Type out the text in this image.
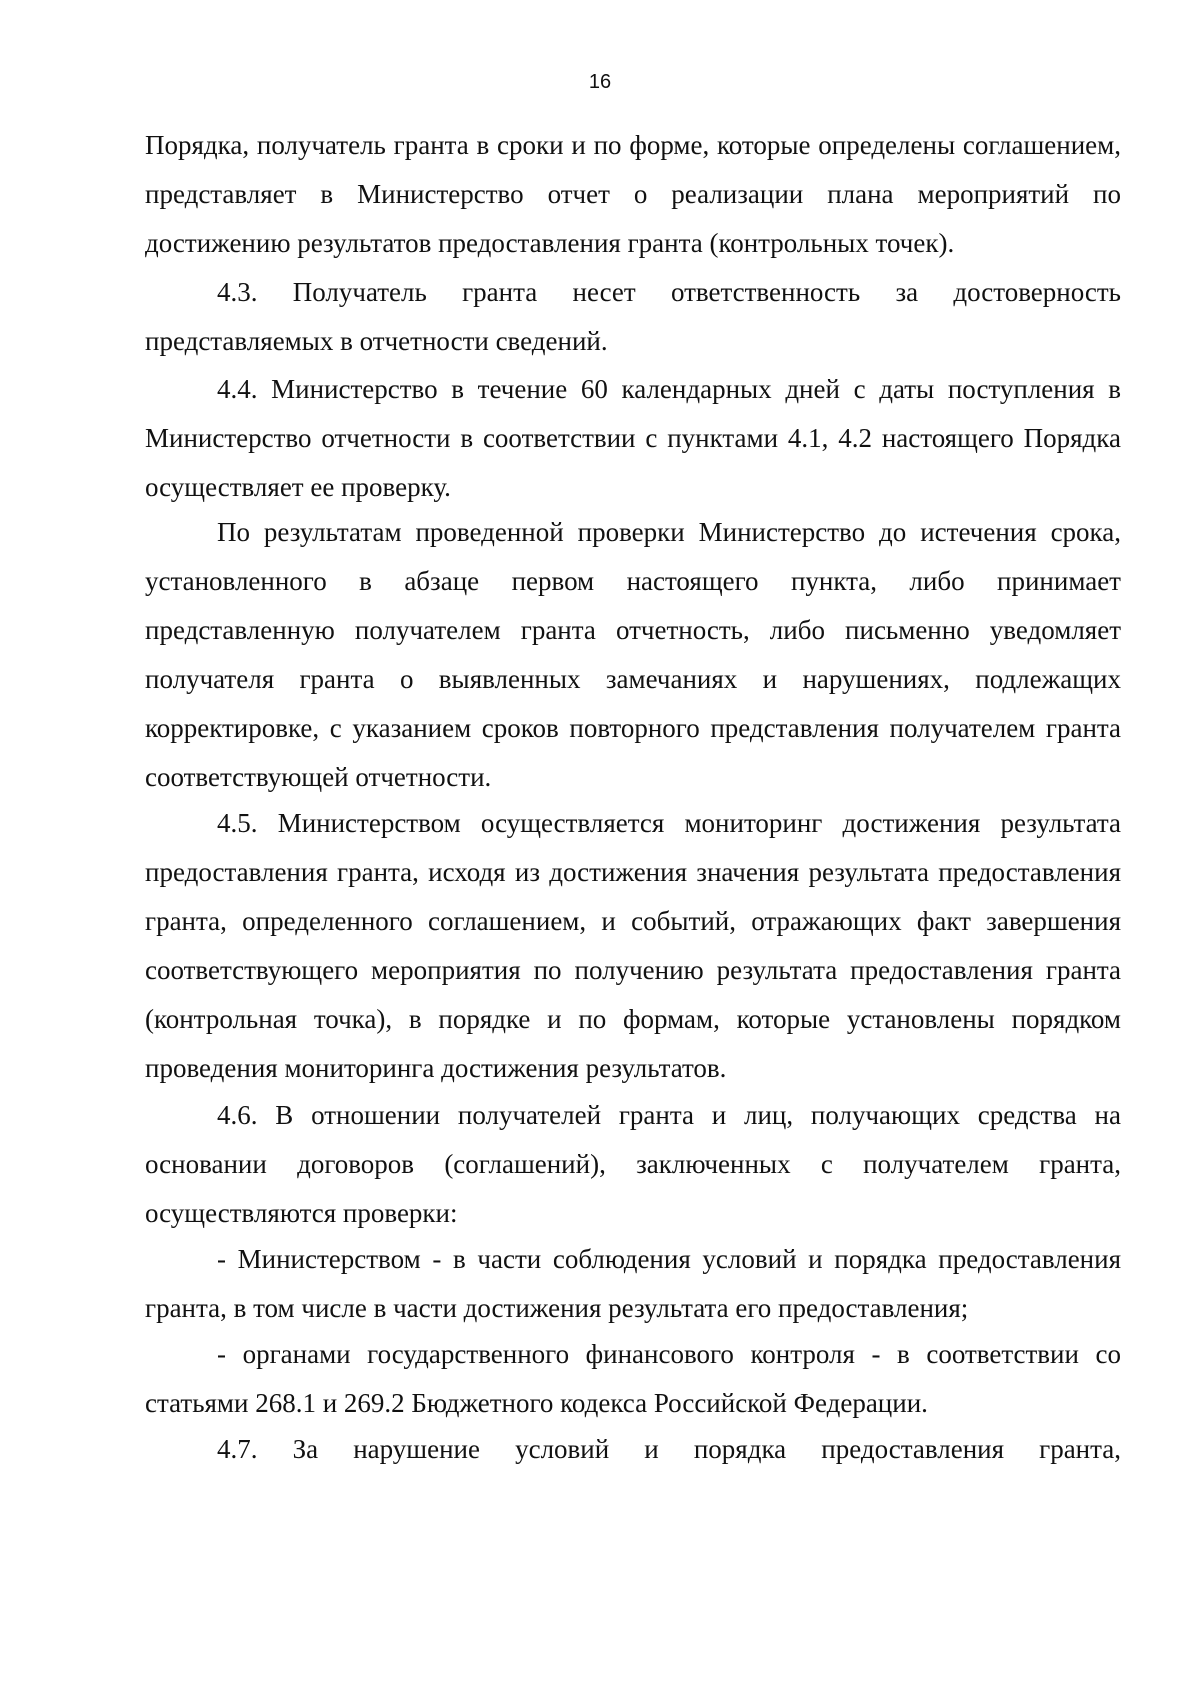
16

Порядка, получатель гранта в сроки и по форме, которые определены соглашением, представляет в Министерство отчет о реализации плана мероприятий по достижению результатов предоставления гранта (контрольных точек).

4.3. Получатель гранта несет ответственность за достоверность представляемых в отчетности сведений.

4.4. Министерство в течение 60 календарных дней с даты поступления в Министерство отчетности в соответствии с пунктами 4.1, 4.2 настоящего Порядка осуществляет ее проверку.

По результатам проведенной проверки Министерство до истечения срока, установленного в абзаце первом настоящего пункта, либо принимает представленную получателем гранта отчетность, либо письменно уведомляет получателя гранта о выявленных замечаниях и нарушениях, подлежащих корректировке, с указанием сроков повторного представления получателем гранта соответствующей отчетности.

4.5. Министерством осуществляется мониторинг достижения результата предоставления гранта, исходя из достижения значения результата предоставления гранта, определенного соглашением, и событий, отражающих факт завершения соответствующего мероприятия по получению результата предоставления гранта (контрольная точка), в порядке и по формам, которые установлены порядком проведения мониторинга достижения результатов.

4.6. В отношении получателей гранта и лиц, получающих средства на основании договоров (соглашений), заключенных с получателем гранта, осуществляются проверки:

- Министерством - в части соблюдения условий и порядка предоставления гранта, в том числе в части достижения результата его предоставления;

- органами государственного финансового контроля - в соответствии со статьями 268.1 и 269.2 Бюджетного кодекса Российской Федерации.

4.7. За нарушение условий и порядка предоставления гранта,
